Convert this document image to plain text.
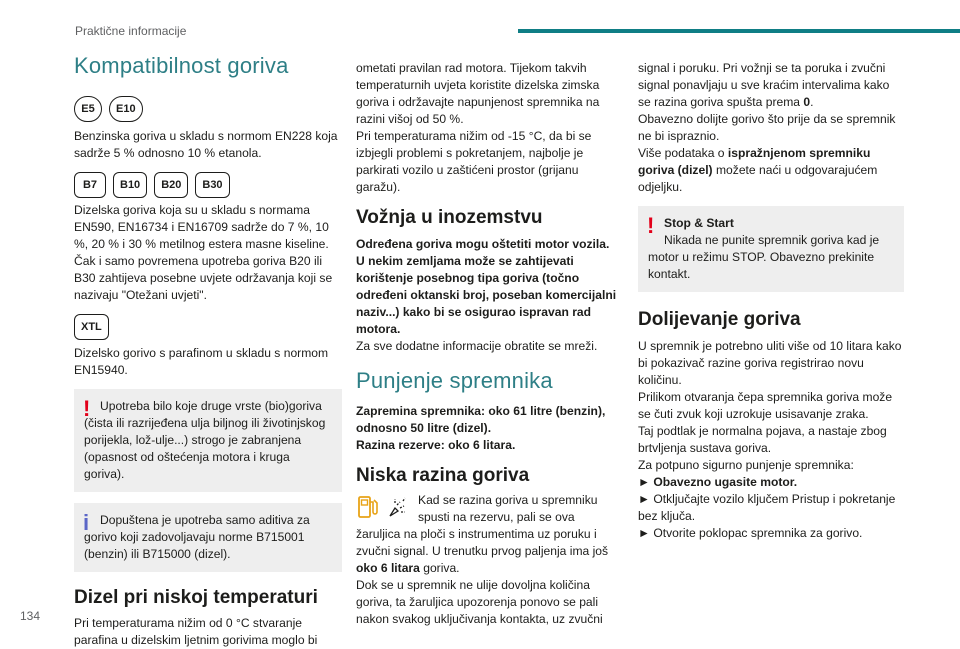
Praktične informacije
Kompatibilnost goriva
E5	E10

Benzinska goriva u skladu s normom EN228 koja sadrže 5 % odnosno 10 % etanola.

B7	B10	B20	B30

Dizelska goriva koja su u skladu s normama EN590, EN16734 i EN16709 sadrže do 7 %, 10 %, 20 % i 30 % metilnog estera masne kiseline. Čak i samo povremena upotreba goriva B20 ili B30 zahtijeva posebne uvjete održavanja koji se nazivaju "Otežani uvjeti".

XTL

Dizelsko gorivo s parafinom u skladu s normom EN15940.

! Upotreba bilo koje druge vrste (bio)goriva (čista ili razrijeđena ulja biljnog ili životinjskog porijekla, lož-ulje...) strogo je zabranjena (opasnost od oštećenja motora i kruga goriva).

i Dopuštena je upotreba samo aditiva za gorivo koji zadovoljavaju norme B715001 (benzin) ili B715000 (dizel).

Dizel pri niskoj temperaturi

Pri temperaturama nižim od 0 °C stvaranje parafina u dizelskim ljetnim gorivima moglo bi

ometati pravilan rad motora. Tijekom takvih temperaturnih uvjeta koristite dizelska zimska goriva i održavajte napunjenost spremnika na razini višoj od 50 %.

Pri temperaturama nižim od -15 °C, da bi se izbjegli problemi s pokretanjem, najbolje je parkirati vozilo u zaštićeni prostor (grijanu garažu).

Vožnja u inozemstvu

Određena goriva mogu oštetiti motor vozila. U nekim zemljama može se zahtijevati korištenje posebnog tipa goriva (točno određeni oktanski broj, poseban komercijalni naziv...) kako bi se osigurao ispravan rad motora.

Za sve dodatne informacije obratite se mreži.

Punjenje spremnika

Zapremina spremnika: oko 61 litre (benzin), odnosno 50 litre (dizel).

Razina rezerve: oko 6 litara.

Niska razina goriva

Kad se razina goriva u spremniku spusti na rezervu, pali se ova žaruljica na ploči s instrumentima uz poruku i zvučni signal. U trenutku prvog paljenja ima još
oko 6 litara goriva.

Dok se u spremnik ne ulije dovoljna količina goriva, ta žaruljica upozorenja ponovo se pali nakon svakog uključivanja kontakta, uz zvučni

signal i poruku. Pri vožnji se ta poruka i zvučni signal ponavljaju u sve kraćim intervalima kako se razina goriva spušta prema 0.

Obavezno dolijte gorivo što prije da se spremnik ne bi ispraznio.

Više podataka o ispražnjenom spremniku goriva (dizel) možete naći u odgovarajućem odjeljku.

! Stop & Start

Nikada ne punite spremnik goriva kad je motor u režimu STOP. Obavezno prekinite kontakt.

Dolijevanje goriva

U spremnik je potrebno uliti više od 10 litara kako bi pokazivač razine goriva registrirao novu količinu.

Prilikom otvaranja čepa spremnika goriva može se čuti zvuk koji uzrokuje usisavanje zraka.

Taj podtlak je normalna pojava, a nastaje zbog brtvljenja sustava goriva.

Za potpuno sigurno punjenje spremnika:

► Obavezno ugasite motor.

► Otključajte vozilo ključem Pristup i pokretanje bez ključa.

► Otvorite poklopac spremnika za gorivo.

134
